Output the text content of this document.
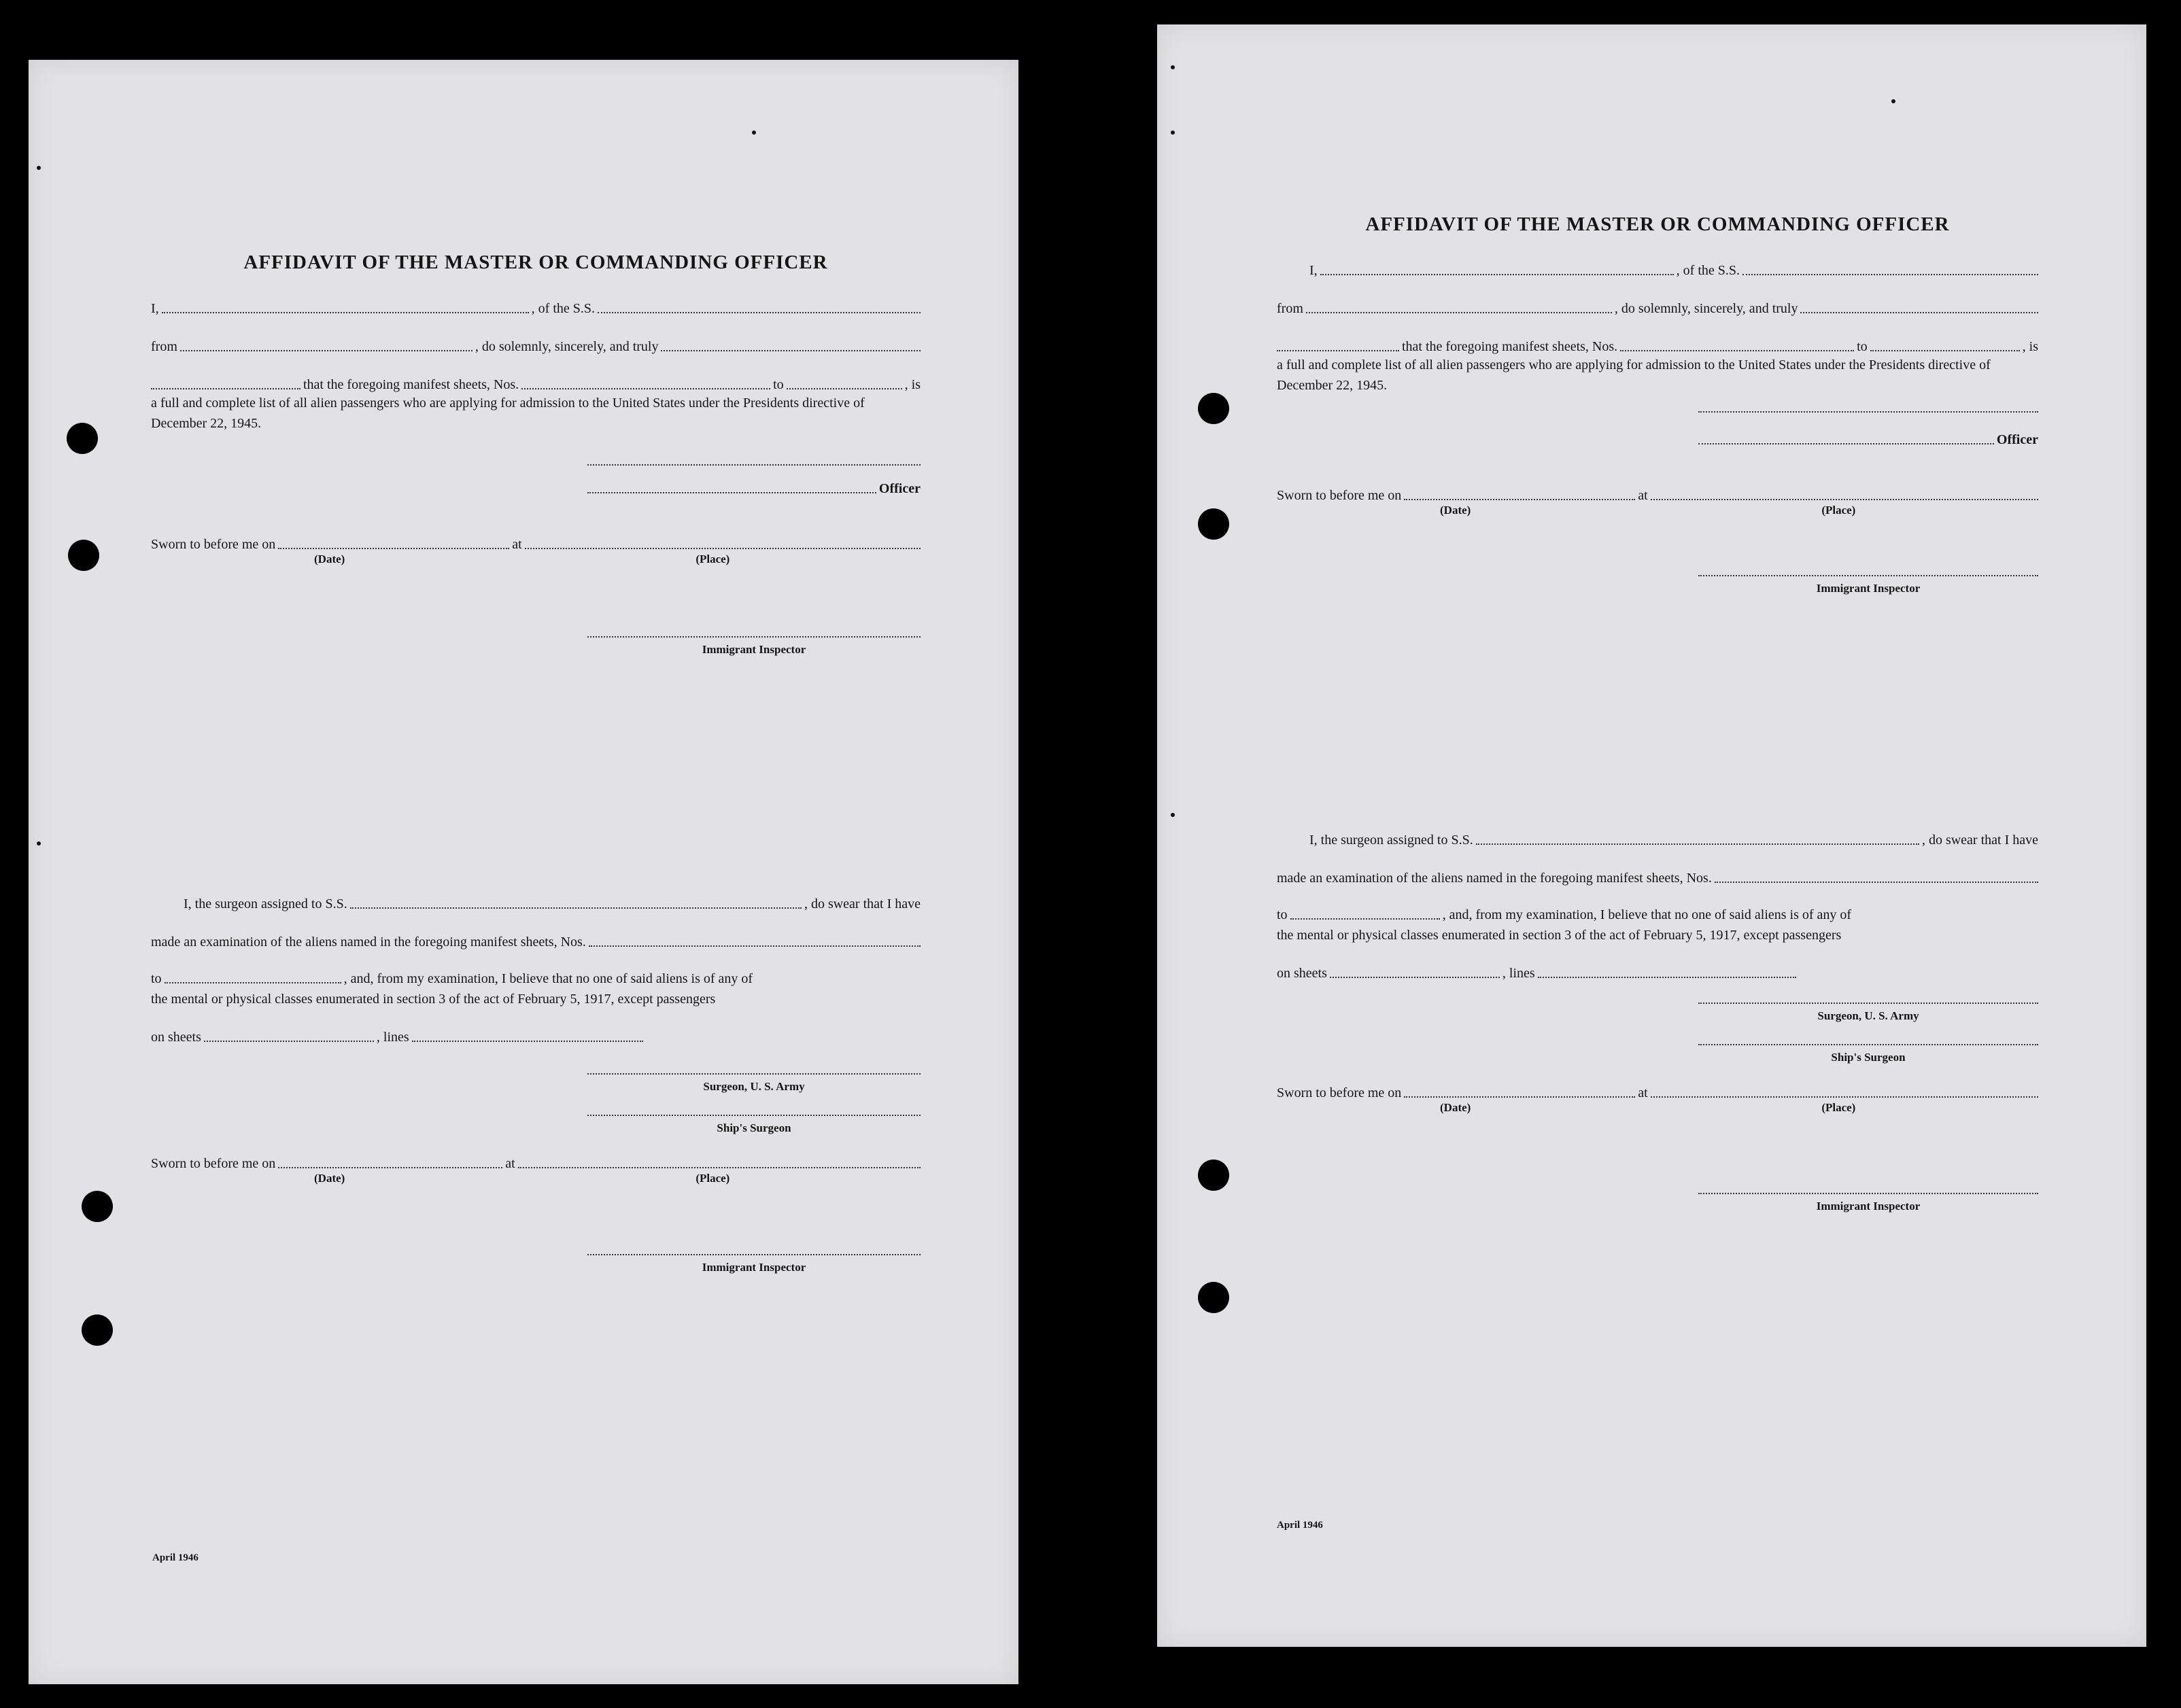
AFFIDAVIT OF THE MASTER OR COMMANDING OFFICER
I,	, of the S.S.
from	, do solemnly, sincerely, and truly
that the foregoing manifest sheets, Nos.	to	, is
a full and complete list of all alien passengers who are applying for admission to the United States under the Presidents directive of December 22, 1945.
Officer
Sworn to before me on	at
(Date)	(Place)
Immigrant Inspector
I, the surgeon assigned to S.S.	, do swear that I have
made an examination of the aliens named in the foregoing manifest sheets, Nos.
to	, and, from my examination, I believe that no one of said aliens is of any of
the mental or physical classes enumerated in section 3 of the act of February 5, 1917, except passengers
on sheets	, lines
Surgeon, U. S. Army
Ship's Surgeon
Sworn to before me on	at
(Date)	(Place)
Immigrant Inspector
April 1946
AFFIDAVIT OF THE MASTER OR COMMANDING OFFICER
I,	, of the S.S.
from	, do solemnly, sincerely, and truly
that the foregoing manifest sheets, Nos.	to	, is
a full and complete list of all alien passengers who are applying for admission to the United States under the Presidents directive of December 22, 1945.
Officer
Sworn to before me on	at
(Date)	(Place)
Immigrant Inspector
I, the surgeon assigned to S.S.	, do swear that I have
made an examination of the aliens named in the foregoing manifest sheets, Nos.
to	, and, from my examination, I believe that no one of said aliens is of any of
the mental or physical classes enumerated in section 3 of the act of February 5, 1917, except passengers
on sheets	, lines
Surgeon, U. S. Army
Ship's Surgeon
Sworn to before me on	at
(Date)	(Place)
Immigrant Inspector
April 1946
